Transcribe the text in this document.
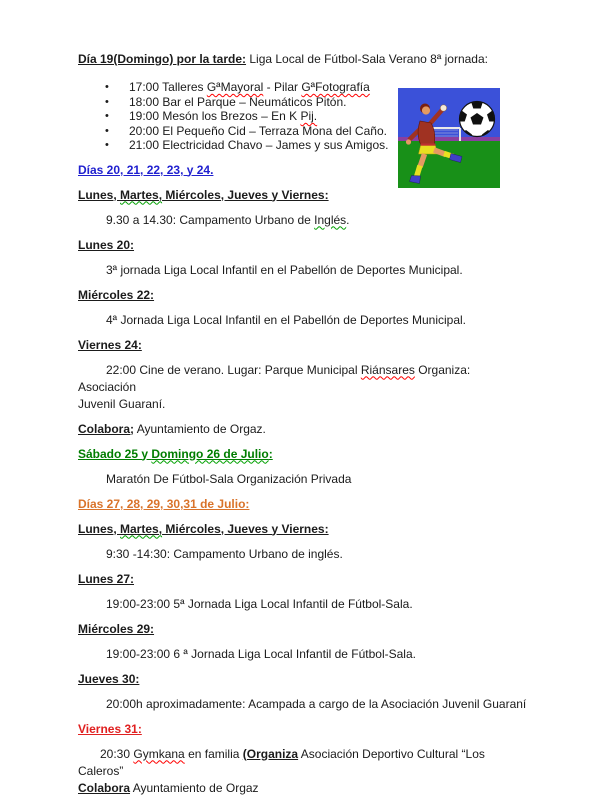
Día 19(Domingo) por la tarde: Liga Local de Fútbol-Sala Verano 8ª jornada:

• 17:00 Talleres GªMayoral - Pilar GªFotografía
• 18:00 Bar el Parque – Neumáticos Pitón.
• 19:00 Mesón los Brezos – En K Pij.
• 20:00 El Pequeño Cid – Terraza Mona del Caño.
• 21:00 Electricidad Chavo – James y sus Amigos.

Días 20, 21, 22, 23, y 24.

Lunes, Martes, Miércoles, Jueves y Viernes:

9.30 a 14.30: Campamento Urbano de Inglés.

Lunes 20:

3ª jornada Liga Local Infantil en el Pabellón de Deportes Municipal.

Miércoles 22:

4ª Jornada Liga Local Infantil en el Pabellón de Deportes Municipal.

Viernes 24:

22:00 Cine de verano. Lugar: Parque Municipal Riánsares Organiza: Asociación
Juvenil Guaraní.

Colabora; Ayuntamiento de Orgaz.

Sábado 25 y Domingo 26 de Julio:

Maratón De Fútbol-Sala Organización Privada

Días 27, 28, 29, 30,31 de Julio:

Lunes, Martes, Miércoles, Jueves y Viernes:

9:30 -14:30: Campamento Urbano de inglés.

Lunes 27:

19:00-23:00 5ª Jornada Liga Local Infantil de Fútbol-Sala.

Miércoles 29:

19:00-23:00 6 ª Jornada Liga Local Infantil de Fútbol-Sala.

Jueves 30:

20:00h aproximadamente: Acampada a cargo de la Asociación Juvenil Guaraní

Viernes 31:

20:30 Gymkana en familia (Organiza Asociación Deportivo Cultural “Los Caleros”
Colabora Ayuntamiento de Orgaz
